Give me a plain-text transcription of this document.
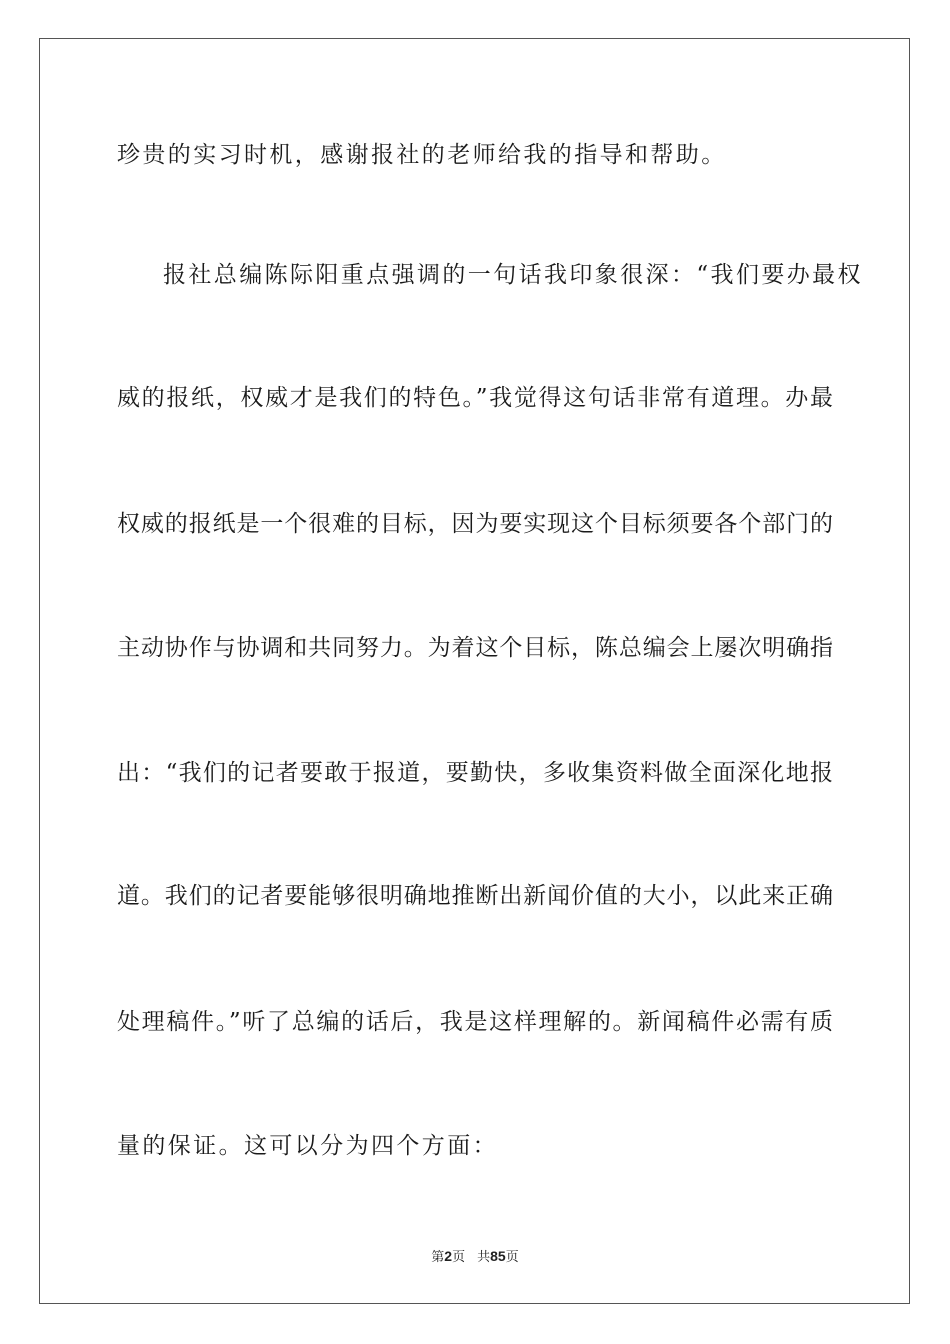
珍贵的实习时机，感谢报社的老师给我的指导和帮助。
报社总编陈际阳重点强调的一句话我印象很深：“我们要办最权
威的报纸，权威才是我们的特色。”我觉得这句话非常有道理。办最
权威的报纸是一个很难的目标，因为要实现这个目标须要各个部门的
主动协作与协调和共同努力。为着这个目标，陈总编会上屡次明确指
出：“我们的记者要敢于报道，要勤快，多收集资料做全面深化地报
道。我们的记者要能够很明确地推断出新闻价值的大小，以此来正确
处理稿件。”听了总编的话后，我是这样理解的。新闻稿件必需有质
量的保证。这可以分为四个方面：
第2页 共85页
